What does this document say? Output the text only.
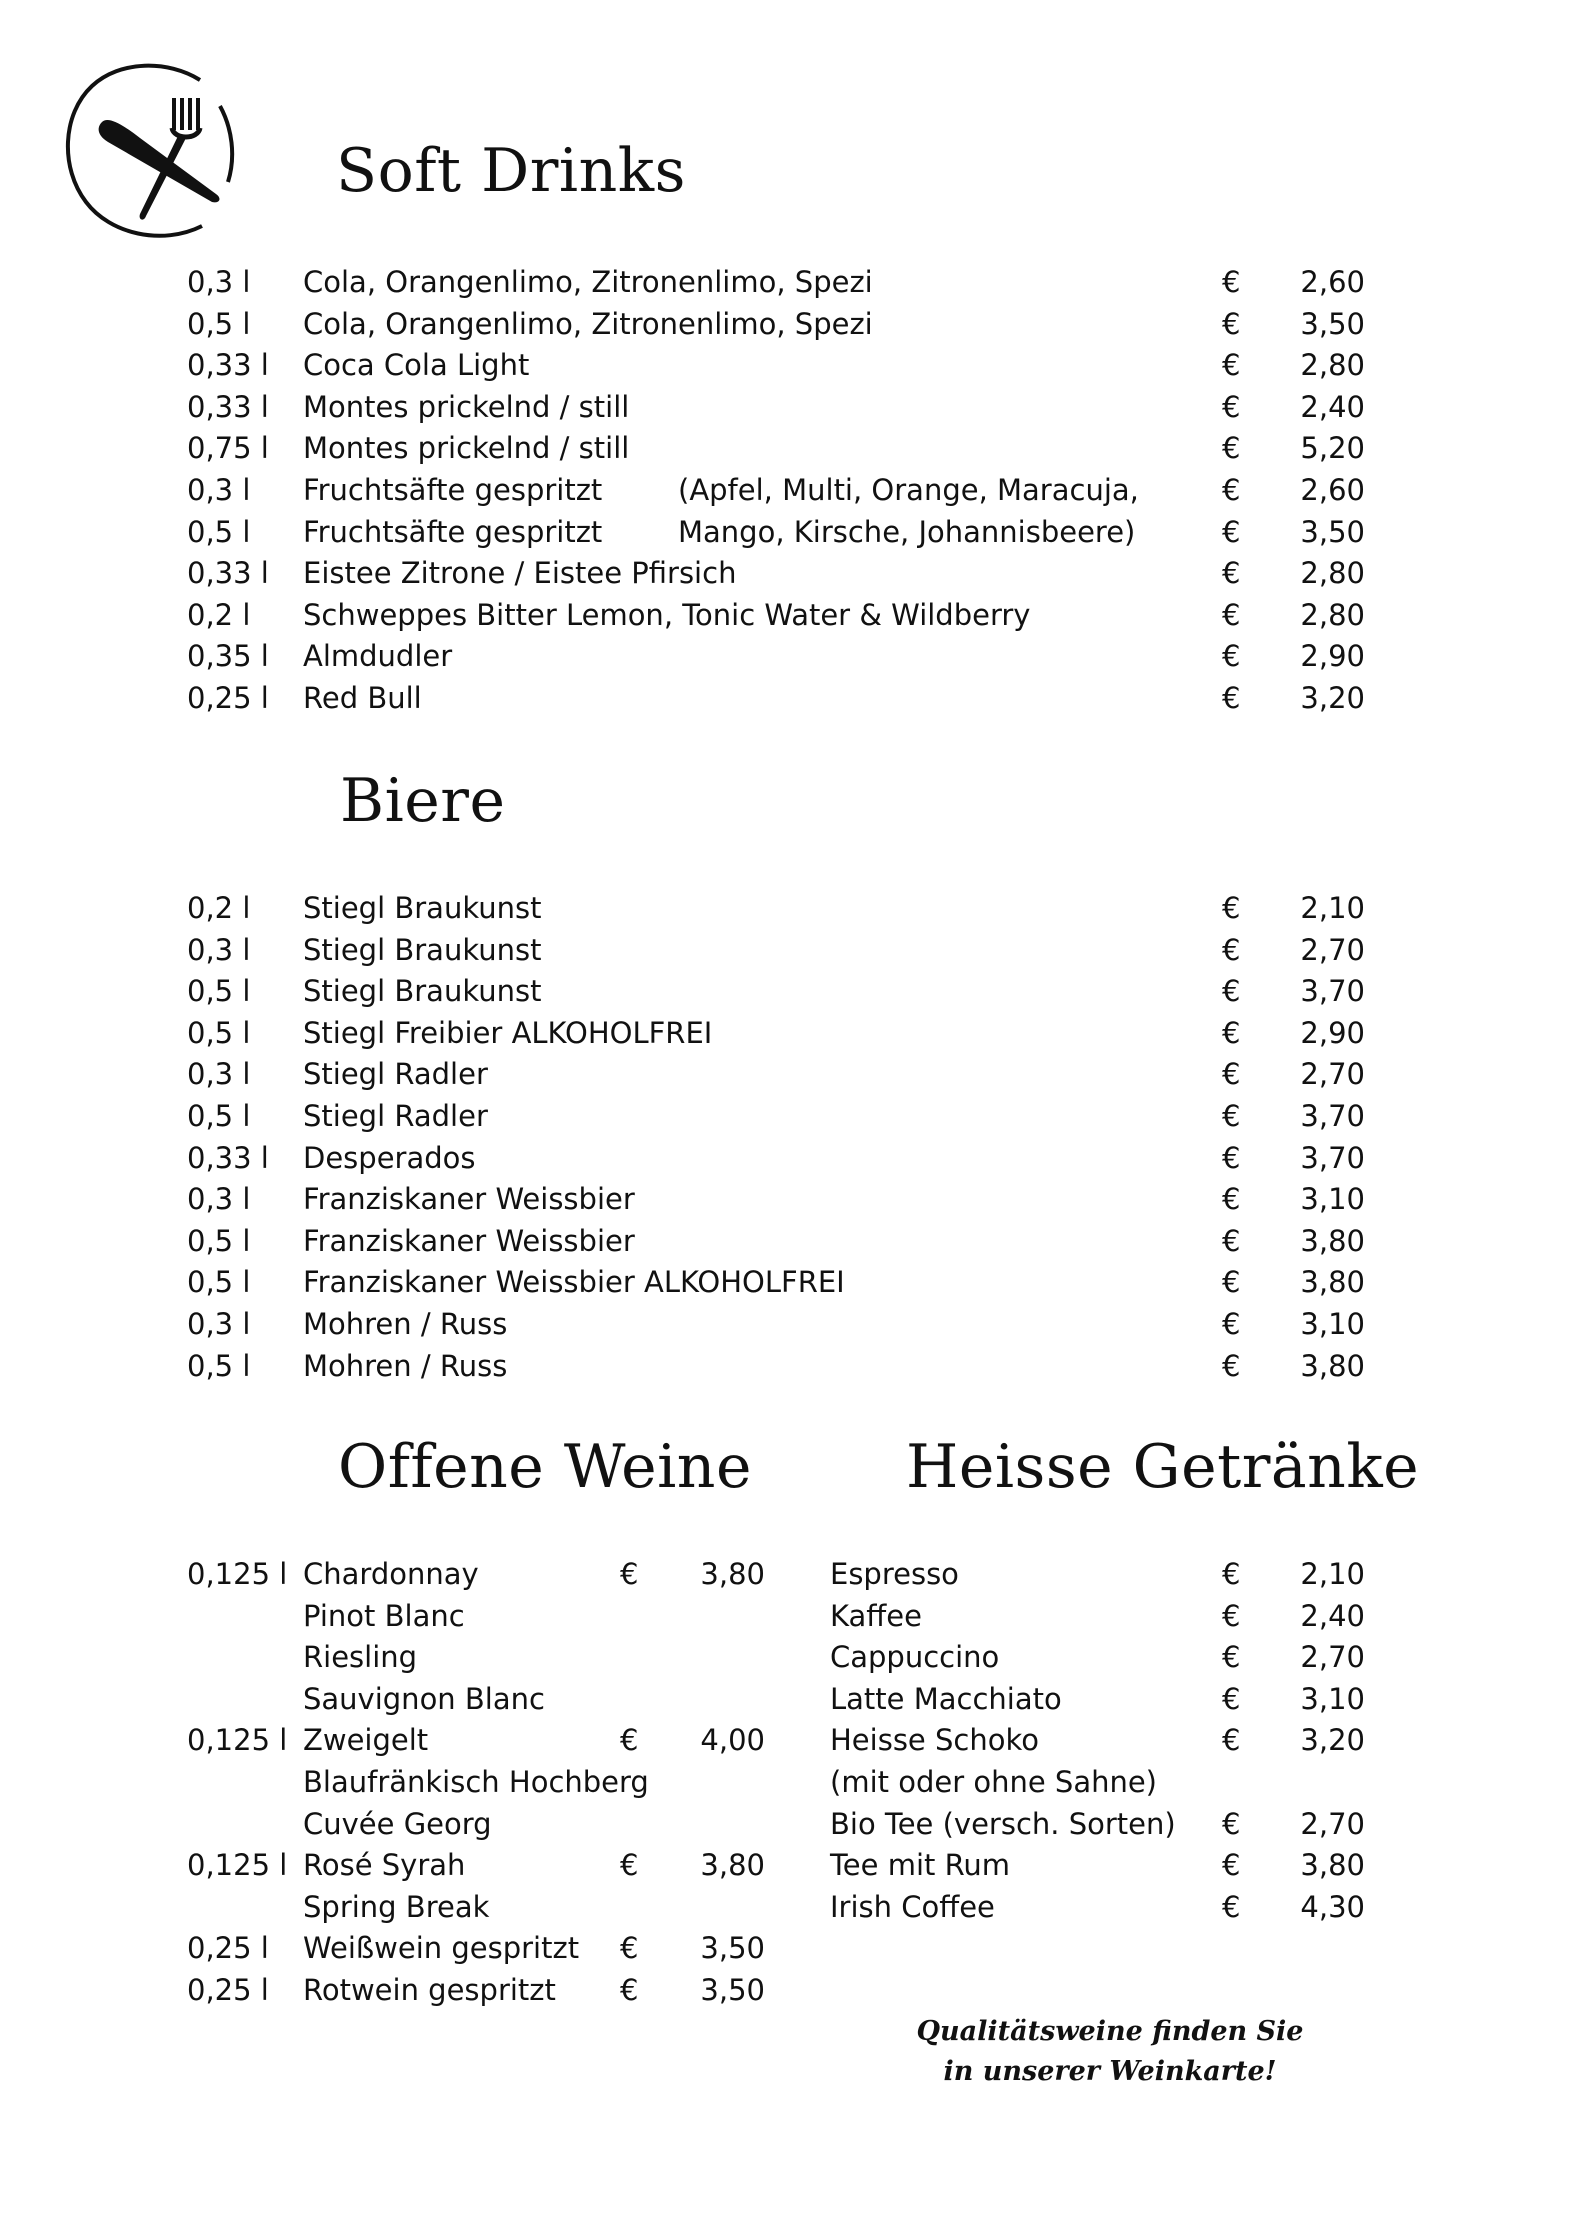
Soft Drinks
Biere
Offene Weine	Heisse Getränke
0,3 l Cola, Orangenlimo, Zitronenlimo, Spezi	€	2,60
0,5 l Cola, Orangenlimo, Zitronenlimo, Spezi	€	3,50
0,33 l Coca Cola Light	€	2,80
0,33 l Montes prickelnd / still	€	2,40
0,75 l Montes prickelnd / still	€	5,20
0,3 l Fruchtsäfte gespritzt	(Apfel, Multi, Orange, Maracuja,	€	2,60
0,5 l Fruchtsäfte gespritzt	Mango, Kirsche, Johannisbeere)	€	3,50
0,33 l Eistee Zitrone / Eistee Pfirsich	€	2,80
0,2 l Schweppes Bitter Lemon, Tonic Water & Wildberry	€	2,80
0,35 l Almdudler	€	2,90
0,25 l Red Bull	€	3,20
0,2 l Stiegl Braukunst	€	2,10
0,3 l Stiegl Braukunst	€	2,70
0,5 l Stiegl Braukunst	€	3,70
0,5 l Stiegl Freibier ALKOHOLFREI	€	2,90
0,3 l Stiegl Radler	€	2,70
0,5 l Stiegl Radler	€	3,70
0,33 l Desperados	€	3,70
0,3 l Franziskaner Weissbier	€	3,10
0,5 l Franziskaner Weissbier	€	3,80
0,5 l Franziskaner Weissbier ALKOHOLFREI	€	3,80
0,3 l Mohren / Russ	€	3,10
0,5 l Mohren / Russ	€	3,80
0,125 l Chardonnay	€	3,80
Pinot Blanc
Riesling
Sauvignon Blanc
0,125 l Zweigelt	€	4,00
Blaufränkisch Hochberg
Cuvée Georg
0,125 l Rosé Syrah	€	3,80
Spring Break
0,25 l Weißwein gespritzt €	3,50
0,25 l Rotwein gespritzt €	3,50
Espresso	€	2,10
Kaffee	€	2,40
Cappuccino	€	2,70
Latte Macchiato	€	3,10
Heisse Schoko	€	3,20
(mit oder ohne Sahne)
Bio Tee (versch. Sorten) €	2,70
Tee mit Rum	€	3,80
Irish Coffee	€	4,30
Qualitätsweine finden Sie
in unserer Weinkarte!
